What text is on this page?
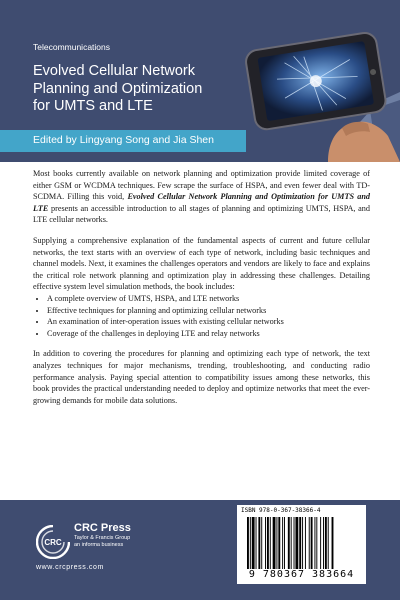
Telecommunications
Evolved Cellular Network
Planning and Optimization
for UMTS and LTE
Edited by Lingyang Song and Jia Shen

Most books currently available on network planning and optimization provide limited coverage of either GSM or WCDMA techniques. Few scrape the surface of HSPA, and even fewer deal with TD-SCDMA. Filling this void, Evolved Cellular Network Planning and Optimization for UMTS and LTE presents an accessible introduction to all stages of planning and optimizing UMTS, HSPA, and LTE cellular networks.

Supplying a comprehensive explanation of the fundamental aspects of current and future cellular networks, the text starts with an overview of each type of network, including basic techniques and channel models. Next, it examines the challenges operators and vendors are likely to face and explains the critical role network planning and optimization play in addressing these challenges. Detailing effective system level simulation methods, the book includes:

• A complete overview of UMTS, HSPA, and LTE networks
• Effective techniques for planning and optimizing cellular networks
• An examination of inter-operation issues with existing cellular networks
• Coverage of the challenges in deploying LTE and relay networks

In addition to covering the procedures for planning and optimizing each type of network, the text analyzes techniques for major mechanisms, trending, troubleshooting, and conducting radio performance analysis. Paying special attention to compatibility issues among these networks, this book provides the practical understanding needed to deploy and optimize networks that meet the ever-growing demands for mobile data solutions.

CRC
CRC Press
Taylor & Francis Group
an informa business
www.crcpress.com
ISBN 978-0-367-38366-4
9 780367 383664
